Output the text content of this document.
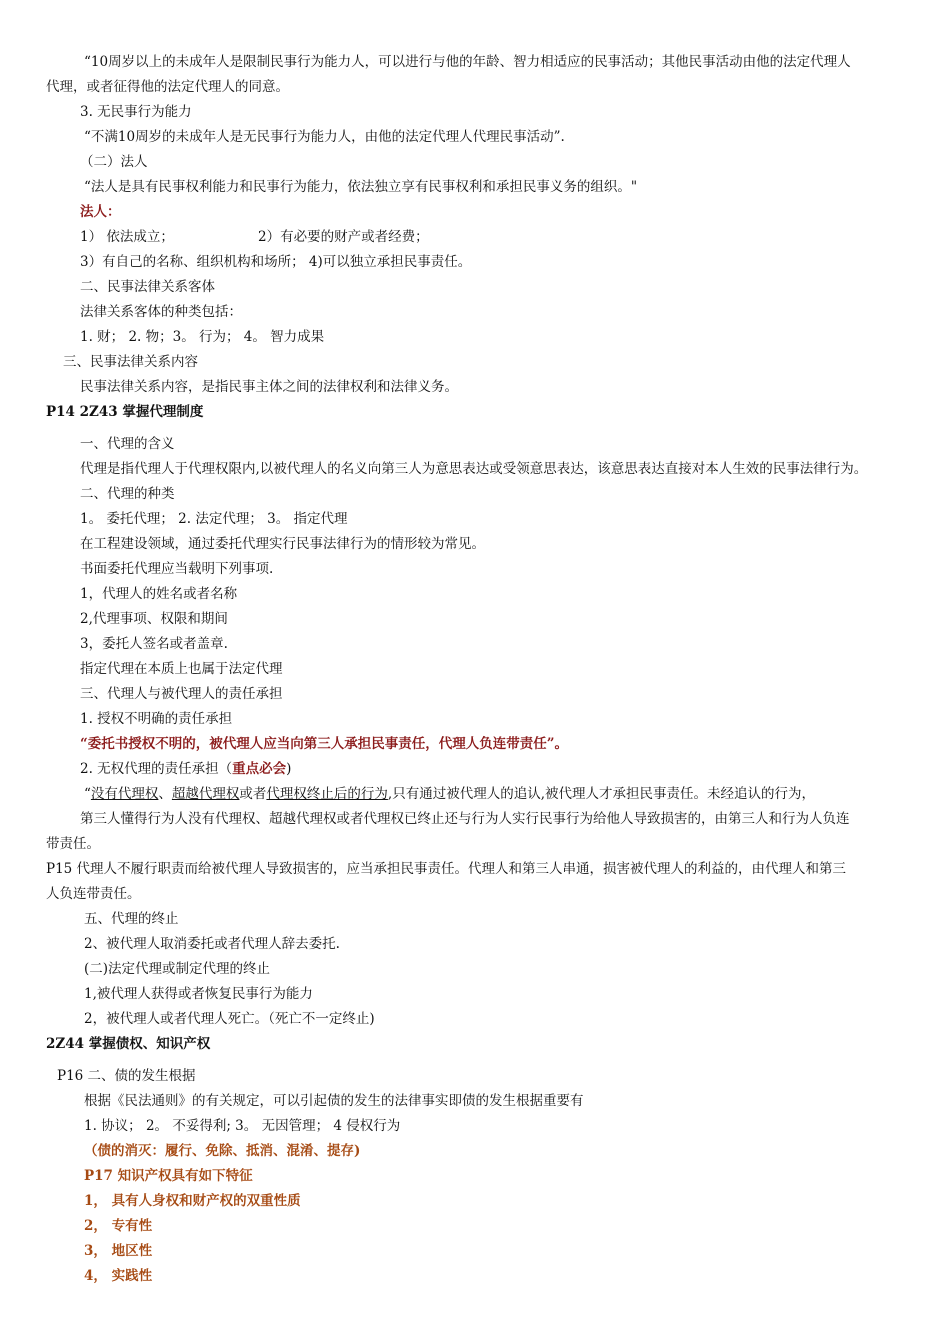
“10周岁以上的未成年人是限制民事行为能力人，可以进行与他的年龄、智力相适应的民事活动；其他民事活动由他的法定代理人
代理，或者征得他的法定代理人的同意。
3. 无民事行为能力
“不满10周岁的未成年人是无民事行为能力人，由他的法定代理人代理民事活动”.
（二）法人
“法人是具有民事权利能力和民事行为能力，依法独立享有民事权利和承担民事义务的组织。"
法人：
1） 依法成立；	2）有必要的财产或者经费；
3）有自己的名称、组织机构和场所； 4)可以独立承担民事责任。
二、民事法律关系客体
法律关系客体的种类包括：
1. 财； 2. 物；3。 行为； 4。 智力成果
三、民事法律关系内容
民事法律关系内容，是指民事主体之间的法律权利和法律义务。
P14 2Z43 掌握代理制度
一、代理的含义
代理是指代理人于代理权限内,以被代理人的名义向第三人为意思表达或受领意思表达，该意思表达直接对本人生效的民事法律行为。
二、代理的种类
1。 委托代理； 2. 法定代理； 3。 指定代理
在工程建设领域，通过委托代理实行民事法律行为的情形较为常见。
书面委托代理应当载明下列事项.
1，代理人的姓名或者名称
2,代理事项、权限和期间
3，委托人签名或者盖章.
指定代理在本质上也属于法定代理
三、代理人与被代理人的责任承担
1. 授权不明确的责任承担
“委托书授权不明的，被代理人应当向第三人承担民事责任，代理人负连带责任”。
2. 无权代理的责任承担（重点必会)
“没有代理权、超越代理权或者代理权终止后的行为,只有通过被代理人的追认,被代理人才承担民事责任。未经追认的行为，
第三人懂得行为人没有代理权、超越代理权或者代理权已终止还与行为人实行民事行为给他人导致损害的，由第三人和行为人负连
带责任。
P15 代理人不履行职责而给被代理人导致损害的，应当承担民事责任。代理人和第三人串通，损害被代理人的利益的，由代理人和第三
人负连带责任。
五、代理的终止
2、被代理人取消委托或者代理人辞去委托.
(二)法定代理或制定代理的终止
1,被代理人获得或者恢复民事行为能力
2，被代理人或者代理人死亡。（死亡不一定终止)
2Z44 掌握债权、知识产权
P16 二、债的发生根据
根据《民法通则》的有关规定，可以引起债的发生的法律事实即债的发生根据重要有
1. 协议； 2。 不妥得利; 3。 无因管理； 4 侵权行为
（债的消灭：履行、免除、抵消、混淆、提存)
P17 知识产权具有如下特征
1， 具有人身权和财产权的双重性质
2， 专有性
3， 地区性
4， 实践性
